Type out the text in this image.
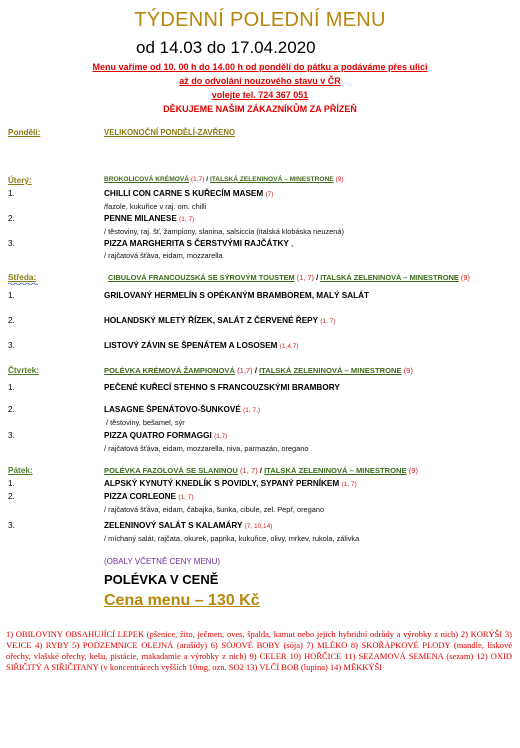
TÝDENNÍ POLEDNÍ MENU
od 14.03 do 17.04.2020
Menu vaříme od 10. 00 h do 14.00 h od pondělí do pátku a podáváme přes ulici
až do odvolání nouzového stavu v ČR
volejte tel. 724 367 051
DĚKUJEME NAŠIM ZÁKAZNÍKŮM ZA PŘÍZEŇ
Pondělí:	VELIKONOČNÍ PONDĚLÍ-ZAVŘENO
Úterý:	BROKOLICOVÁ KRÉMOVÁ (1,7) / ITALSKÁ ZELENINOVÁ – MINESTRONE (9)
1.	CHILLI CON CARNE S KUŘECÍM MASEM (7)
/fazole, kukuřice v raj. om. chilli
2.	PENNE MILANESE (1, 7)
/ těstoviny, raj. šť, žampiony, slanina, salsiccia (italská klobáska neuzená)
3.	PIZZA MARGHERITA S ČERSTVÝMI RAJČÁTKY ,
/ rajčatová šťáva, eidam, mozzarella
Středa:	CIBULOVÁ FRANCOUZSKÁ SE SÝROVÝM TOUSTEM (1, 7) / ITALSKÁ ZELENINOVÁ – MINESTRONE (9)
1.	GRILOVANÝ HERMELÍN S OPÉKANÝM BRAMBOREM, MALÝ SALÁT
2.	HOLANDSKÝ MLETÝ ŘÍZEK, SALÁT Z ČERVENÉ ŘEPY (1, 7)
3.	LISTOVÝ ZÁVIN SE ŠPENÁTEM A LOSOSEM (1,4,7)
Čtvrtek:	POLÉVKA KRÉMOVÁ ŽAMPIONOVÁ (1,7) / ITALSKÁ ZELENINOVÁ – MINESTRONE (9)
1.	PEČENÉ KUŘECÍ STEHNO S FRANCOUZSKÝMI BRAMBORY
2.	LASAGNE ŠPENÁTOVO-ŠUNKOVÉ (1, 7,)
/ těstoviny, bešamel, sýr
3.	PIZZA QUATRO FORMAGGI (1,7)
/ rajčatová šťáva, eidam, mozzarella, niva, parmazán, oregano
Pátek:	POLÉVKA FAZOLOVÁ SE SLANINOU (1, 7) / ITALSKÁ ZELENINOVÁ – MINESTRONE (9)
1.	ALPSKÝ KYNUTÝ KNEDLÍK S POVIDLY, SYPANÝ PERNÍKEM (1, 7)
2.	PIZZA CORLEONE (1, 7)
/ rajčatová šťáva, eidam, čabajka, šunka, cibule, zel. Pepř, oregano
3.	ZELENINOVÝ SALÁT S KALAMÁRY (7, 10,14)
/ míchaný salát, rajčata, okurek, paprika, kukuřice, olivy, mrkev, rukola, zálivka
(OBALY VČETNĚ CENY MENU)
POLÉVKA V CENĚ
Cena menu – 130 Kč
1) OBILOVINY OBSAHUJÍCÍ LEPEK (pšenice, žito, ječmen, oves, špalda, kamut nebo jejich hybridní odrůdy a výrobky z nich) 2) KORÝŠI 3) VEJCE 4) RYBY 5) PODZEMNICE OLEJNÁ (arašídy) 6) SÓJOVÉ BOBY (sója) 7) MLÉKO 8) SKOŘÁPKOVÉ PLODY (mandle, lískové ořechy, vlašské ořechy, kešu, pistácie, makadamie a výrobky z nich) 9) CELER 10) HOŘČICE 11) SEZAMOVÁ SEMENA (sezam) 12) OXID SIŘIČITÝ A SIŘIČITANY (v koncentrácech vyšších 10mg, ozn. SO2 13) VLČÍ BOB (lupina) 14) MĚKKÝŠI
